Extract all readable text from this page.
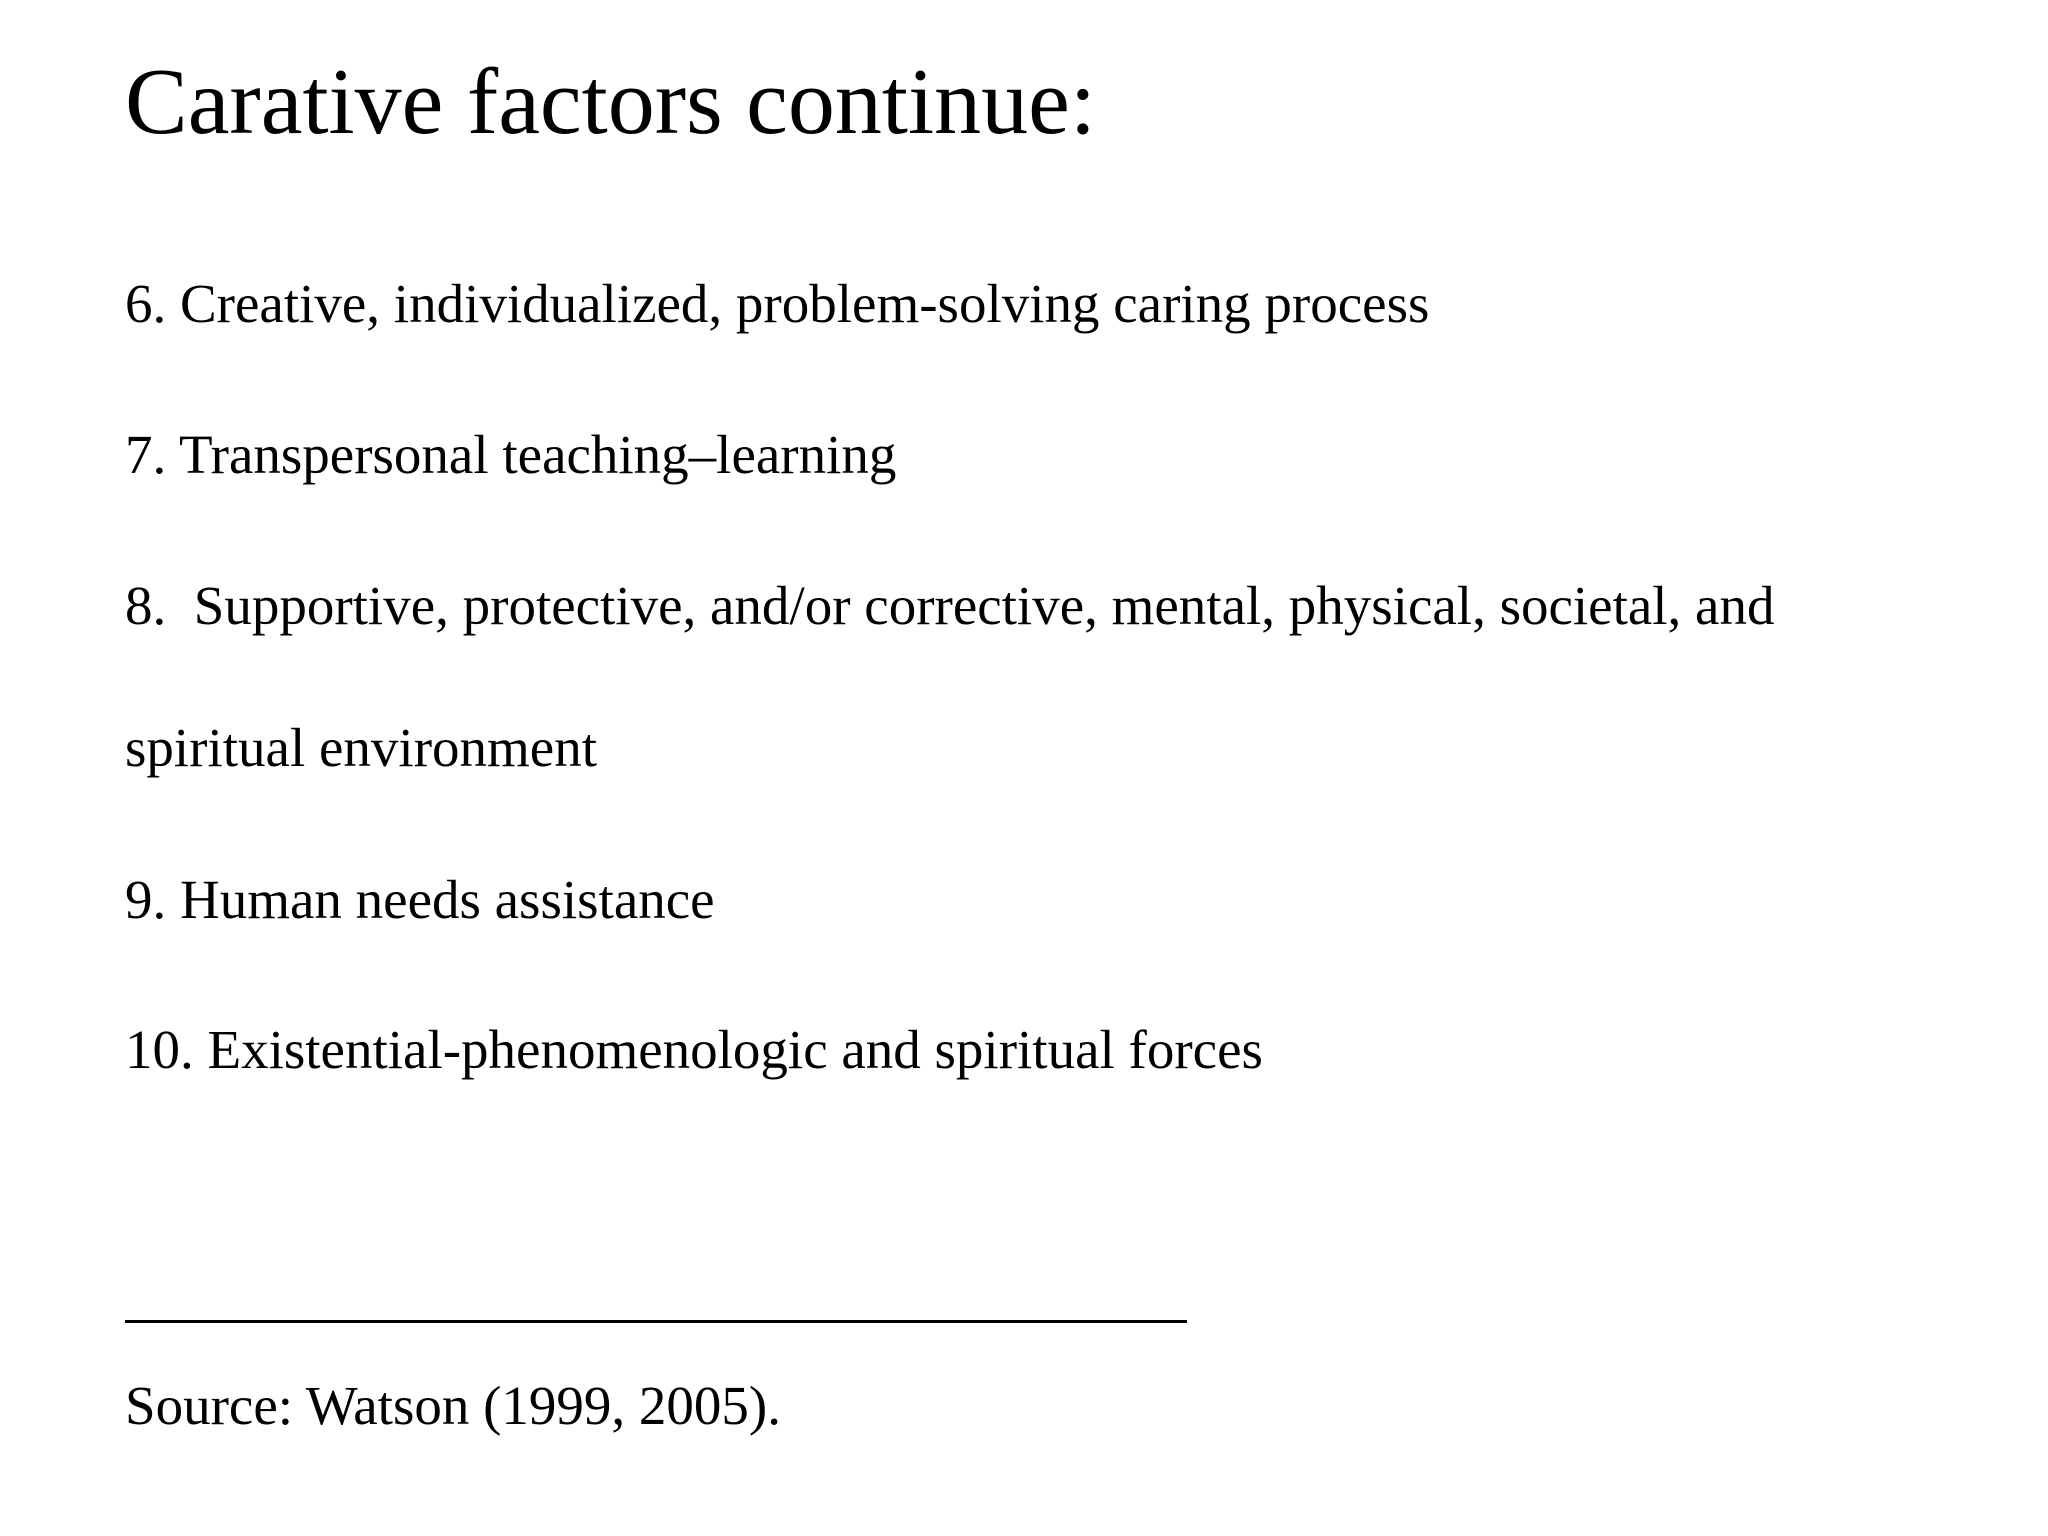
Carative factors continue:

6. Creative, individualized, problem-solving caring process

7. Transpersonal teaching–learning

8.  Supportive, protective, and/or corrective, mental, physical, societal, and

spiritual environment

9. Human needs assistance

10. Existential-phenomenologic and spiritual forces

Source: Watson (1999, 2005).
